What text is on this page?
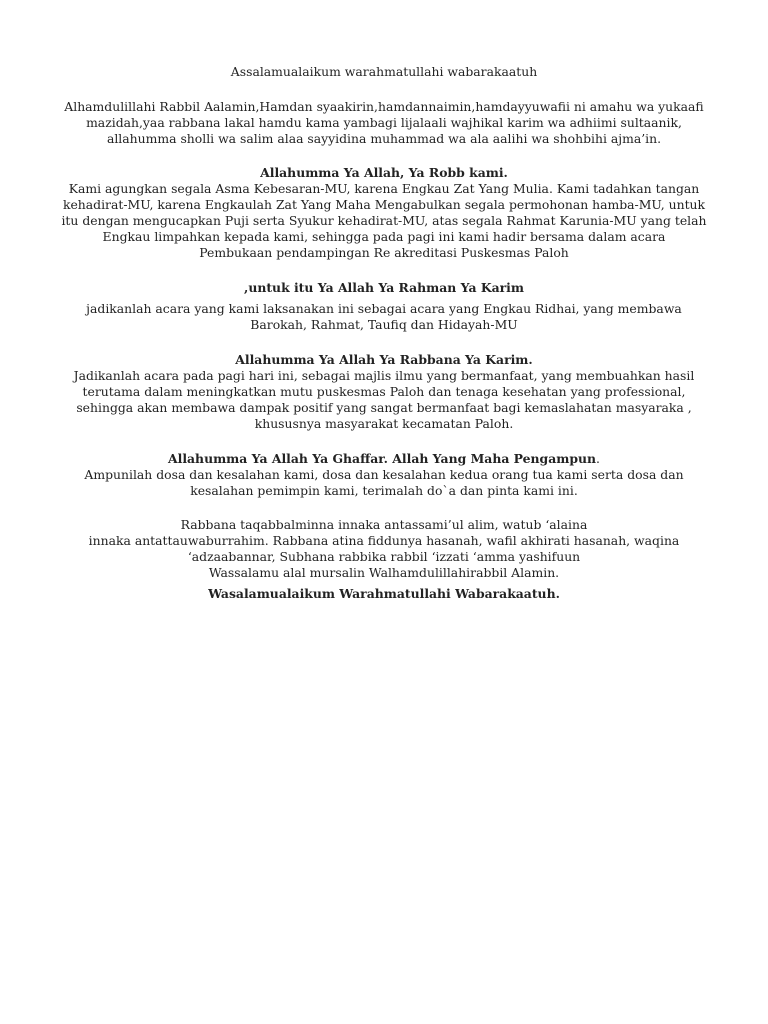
Assalamualaikum warahmatullahi wabarakaatuh
Alhamdulillahi Rabbil Aalamin,Hamdan syaakirin,hamdannaimin,hamdayyuwafii ni amahu wa yukaafi
mazidah,yaa rabbana lakal hamdu kama yambagi lijalaali wajhikal karim wa adhiimi sultaanik,
allahumma sholli wa salim alaa sayyidina muhammad wa ala aalihi wa shohbihi ajma’in.
Allahumma Ya Allah, Ya Robb kami.
Kami agungkan segala Asma Kebesaran-MU, karena Engkau Zat Yang Mulia. Kami tadahkan tangan
kehadirat-MU, karena Engkaulah Zat Yang Maha Mengabulkan segala permohonan hamba-MU, untuk
itu dengan mengucapkan Puji serta Syukur kehadirat-MU, atas segala Rahmat Karunia-MU yang telah
Engkau limpahkan kepada kami, sehingga pada pagi ini kami hadir bersama dalam acara
Pembukaan pendampingan Re akreditasi Puskesmas Paloh
,untuk itu Ya Allah Ya Rahman Ya Karim
jadikanlah acara yang kami laksanakan ini sebagai acara yang Engkau Ridhai, yang membawa
Barokah, Rahmat, Taufiq dan Hidayah-MU
Allahumma Ya Allah Ya Rabbana Ya Karim.
Jadikanlah acara pada pagi hari ini, sebagai majlis ilmu yang bermanfaat, yang membuahkan hasil
terutama dalam meningkatkan mutu puskesmas Paloh dan tenaga kesehatan yang professional,
sehingga akan membawa dampak positif yang sangat bermanfaat bagi kemaslahatan masyaraka ,
khususnya masyarakat kecamatan Paloh.
Allahumma Ya Allah Ya Ghaffar. Allah Yang Maha Pengampun.
Ampunilah dosa dan kesalahan kami, dosa dan kesalahan kedua orang tua kami serta dosa dan
kesalahan pemimpin kami, terimalah do`a dan pinta kami ini.
Rabbana taqabbalminna innaka antassami’ul alim, watub ‘alaina
innaka antattauwaburrahim. Rabbana atina fiddunya hasanah, wafil akhirati hasanah, waqina
‘adzaabannar, Subhana rabbika rabbil ‘izzati ‘amma yashifuun
Wassalamu alal mursalin Walhamdulillahirabbil Alamin.
Wasalamualaikum Warahmatullahi Wabarakaatuh.
